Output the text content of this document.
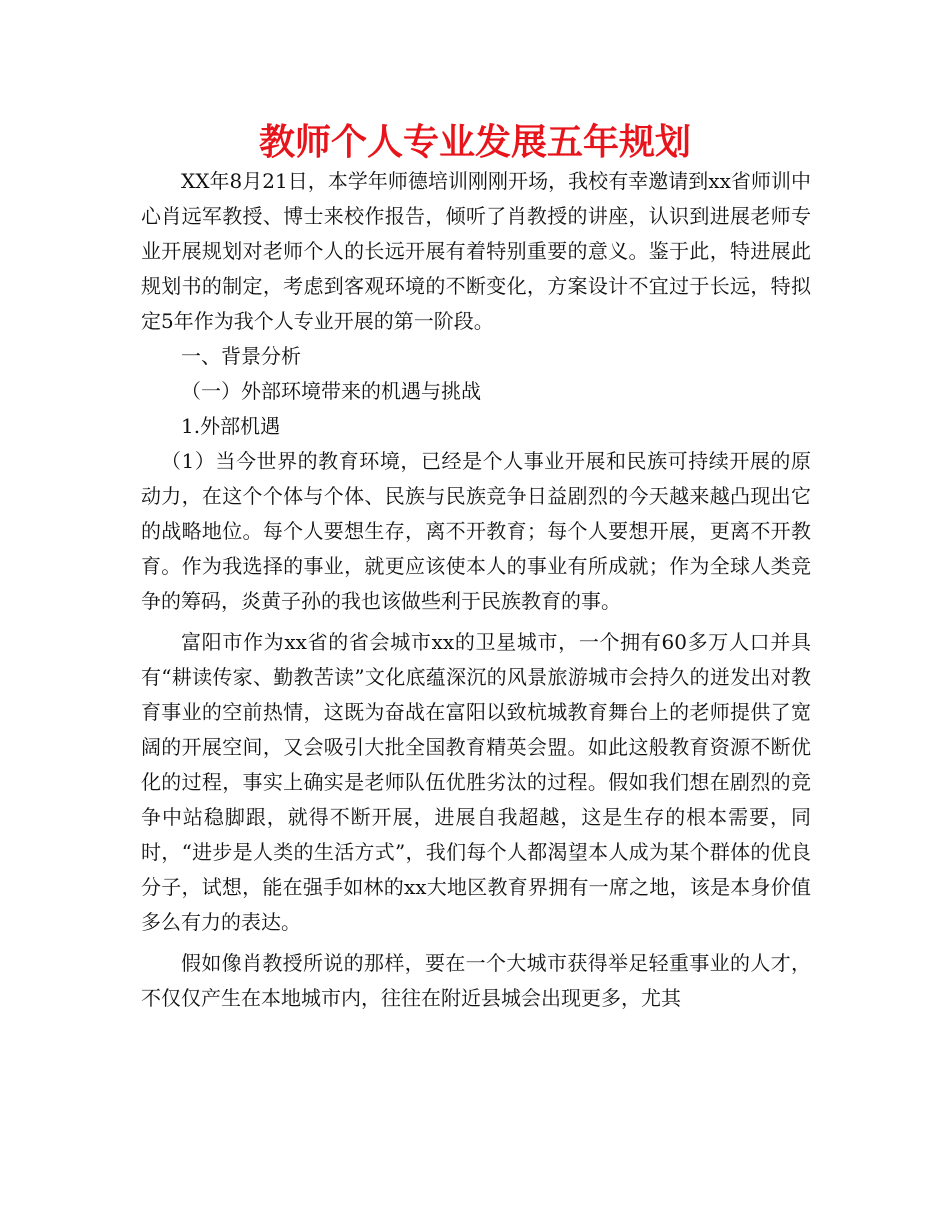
教师个人专业发展五年规划

XX年8月21日，本学年师德培训刚刚开场，我校有幸邀请到xx省师训中心肖远军教授、博士来校作报告，倾听了肖教授的讲座，认识到进展老师专业开展规划对老师个人的长远开展有着特别重要的意义。鉴于此，特进展此规划书的制定，考虑到客观环境的不断变化，方案设计不宜过于长远，特拟定5年作为我个人专业开展的第一阶段。

一、背景分析

（一）外部环境带来的机遇与挑战

1.外部机遇

（1）当今世界的教育环境，已经是个人事业开展和民族可持续开展的原动力，在这个个体与个体、民族与民族竞争日益剧烈的今天越来越凸现出它的战略地位。每个人要想生存，离不开教育；每个人要想开展，更离不开教育。作为我选择的事业，就更应该使本人的事业有所成就；作为全球人类竞争的筹码，炎黄子孙的我也该做些利于民族教育的事。

富阳市作为xx省的省会城市xx的卫星城市，一个拥有60多万人口并具有“耕读传家、勤教苦读”文化底蕴深沉的风景旅游城市会持久的迸发出对教育事业的空前热情，这既为奋战在富阳以致杭城教育舞台上的老师提供了宽阔的开展空间，又会吸引大批全国教育精英会盟。如此这般教育资源不断优化的过程，事实上确实是老师队伍优胜劣汰的过程。假如我们想在剧烈的竞争中站稳脚跟，就得不断开展，进展自我超越，这是生存的根本需要，同时，“进步是人类的生活方式”，我们每个人都渴望本人成为某个群体的优良分子，试想，能在强手如林的xx大地区教育界拥有一席之地，该是本身价值多么有力的表达。

假如像肖教授所说的那样，要在一个大城市获得举足轻重事业的人才，不仅仅产生在本地城市内，往往在附近县城会出现更多，尤其
